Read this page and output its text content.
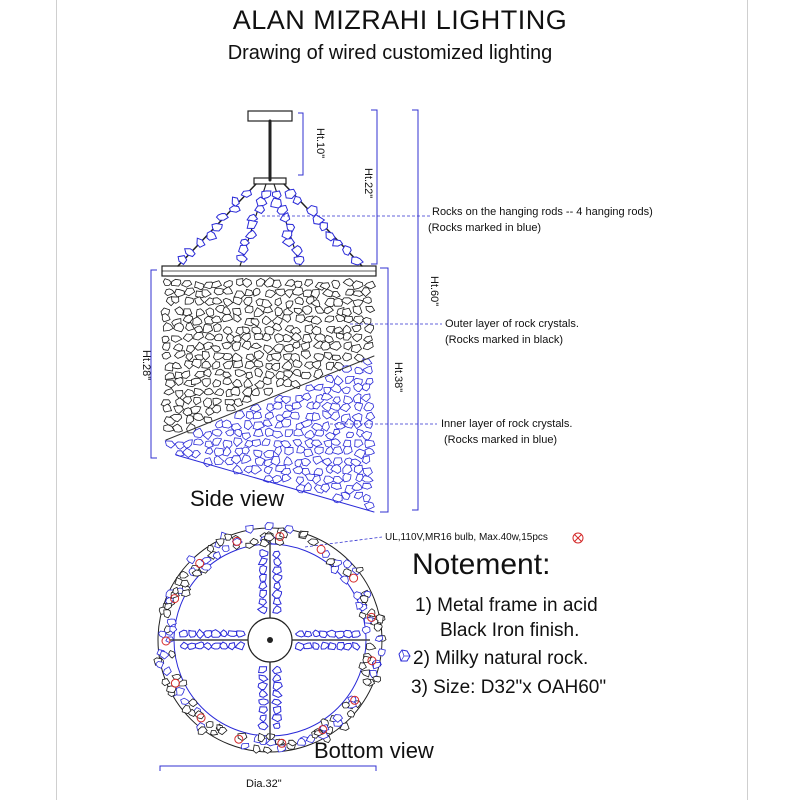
ALAN MIZRAHI LIGHTING
Drawing of wired customized lighting
Ht.10"
Ht.22"
Ht.60"
Ht.28"	Ht.38"
Rocks on the hanging rods -- 4 hanging rods)
(Rocks marked in blue)
Outer layer of rock crystals.
(Rocks marked in black)
Inner layer of rock crystals.
(Rocks marked in blue)
Side view
UL,110V,MR16 bulb, Max.40w,15pcs
Notement:
1) Metal frame in acid
Black Iron finish.
2) Milky natural rock.
3) Size: D32"x OAH60"
Bottom view
Dia.32"
